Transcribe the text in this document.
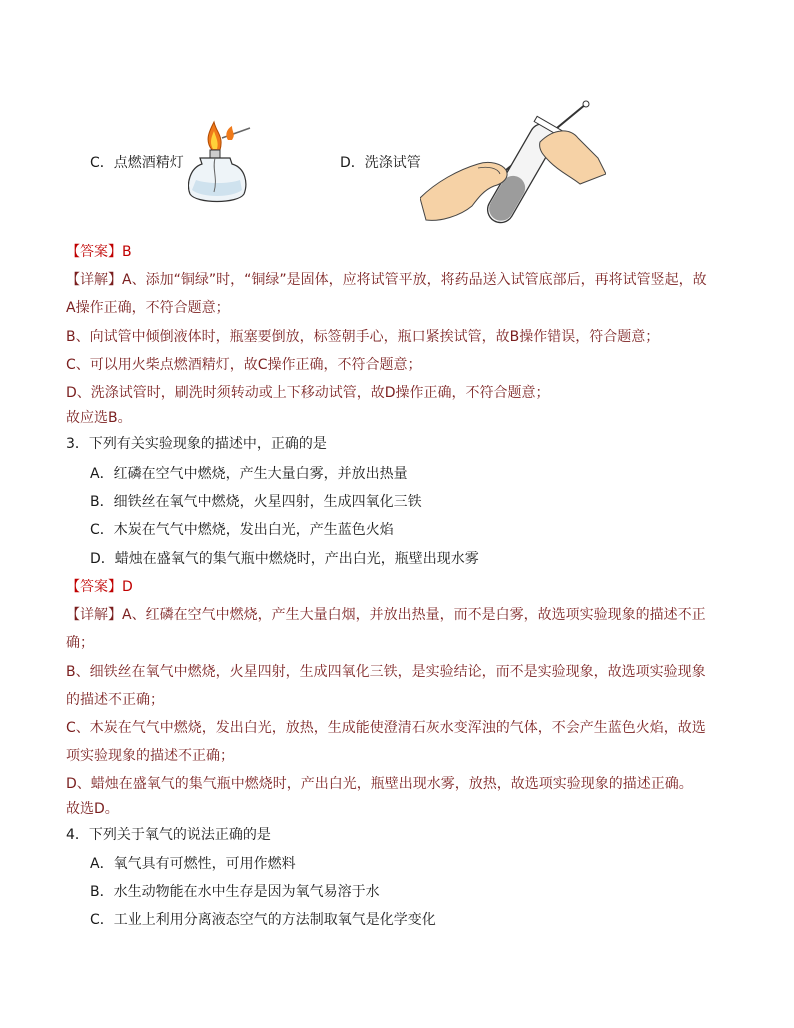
C．点燃酒精灯	D．洗涤试管
【答案】B
【详解】A、添加“铜绿”时，“铜绿”是固体，应将试管平放，将药品送入试管底部后，再将试管竖起，故
A操作正确，不符合题意；
B、向试管中倾倒液体时，瓶塞要倒放，标签朝手心，瓶口紧挨试管，故B操作错误，符合题意；
C、可以用火柴点燃酒精灯，故C操作正确，不符合题意；
D、洗涤试管时，刷洗时须转动或上下移动试管，故D操作正确，不符合题意；
故应选B。
3．下列有关实验现象的描述中，正确的是
A．红磷在空气中燃烧，产生大量白雾，并放出热量
B．细铁丝在氧气中燃烧，火星四射，生成四氧化三铁
C．木炭在气气中燃烧，发出白光，产生蓝色火焰
D．蜡烛在盛氧气的集气瓶中燃烧时，产出白光，瓶壁出现水雾
【答案】D
【详解】A、红磷在空气中燃烧，产生大量白烟，并放出热量，而不是白雾，故选项实验现象的描述不正
确；
B、细铁丝在氧气中燃烧，火星四射，生成四氧化三铁，是实验结论，而不是实验现象，故选项实验现象
的描述不正确；
C、木炭在气气中燃烧，发出白光，放热，生成能使澄清石灰水变浑浊的气体，不会产生蓝色火焰，故选
项实验现象的描述不正确；
D、蜡烛在盛氧气的集气瓶中燃烧时，产出白光，瓶壁出现水雾，放热，故选项实验现象的描述正确。
故选D。
4．下列关于氧气的说法正确的是
A．氧气具有可燃性，可用作燃料
B．水生动物能在水中生存是因为氧气易溶于水
C．工业上利用分离液态空气的方法制取氧气是化学变化
